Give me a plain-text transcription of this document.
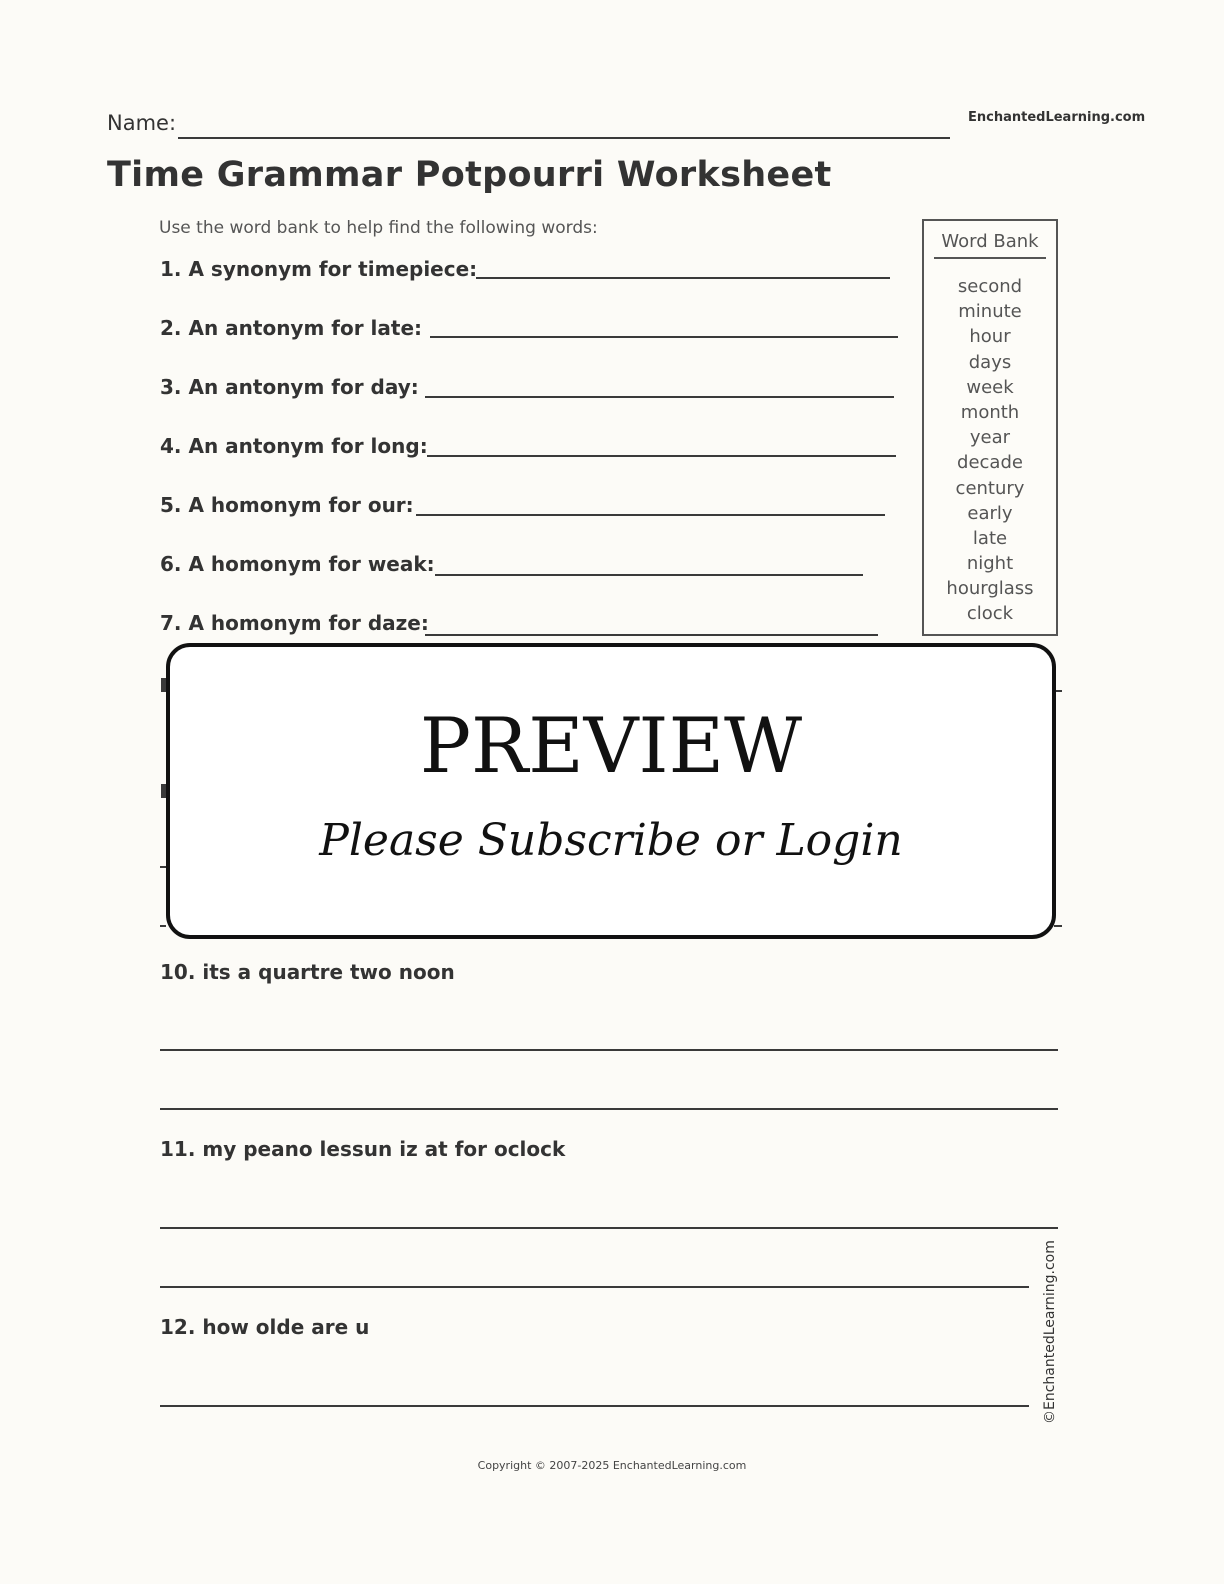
Name:	EnchantedLearning.com
Time Grammar Potpourri Worksheet
Use the word bank to help find the following words:
1. A synonym for timepiece:
2. An antonym for late:
3. An antonym for day:
4. An antonym for long:
5. A homonym for our:
6. A homonym for weak:
7. A homonym for daze:
Word Bank
second
minute
hour
days
week
month
year
decade
century
early
late
night
hourglass
clock
PREVIEW
Please Subscribe or Login
10. its a quartre two noon
11. my peano lessun iz at for oclock
12. how olde are u	©EnchantedLearning.com
Copyright © 2007-2025 EnchantedLearning.com
